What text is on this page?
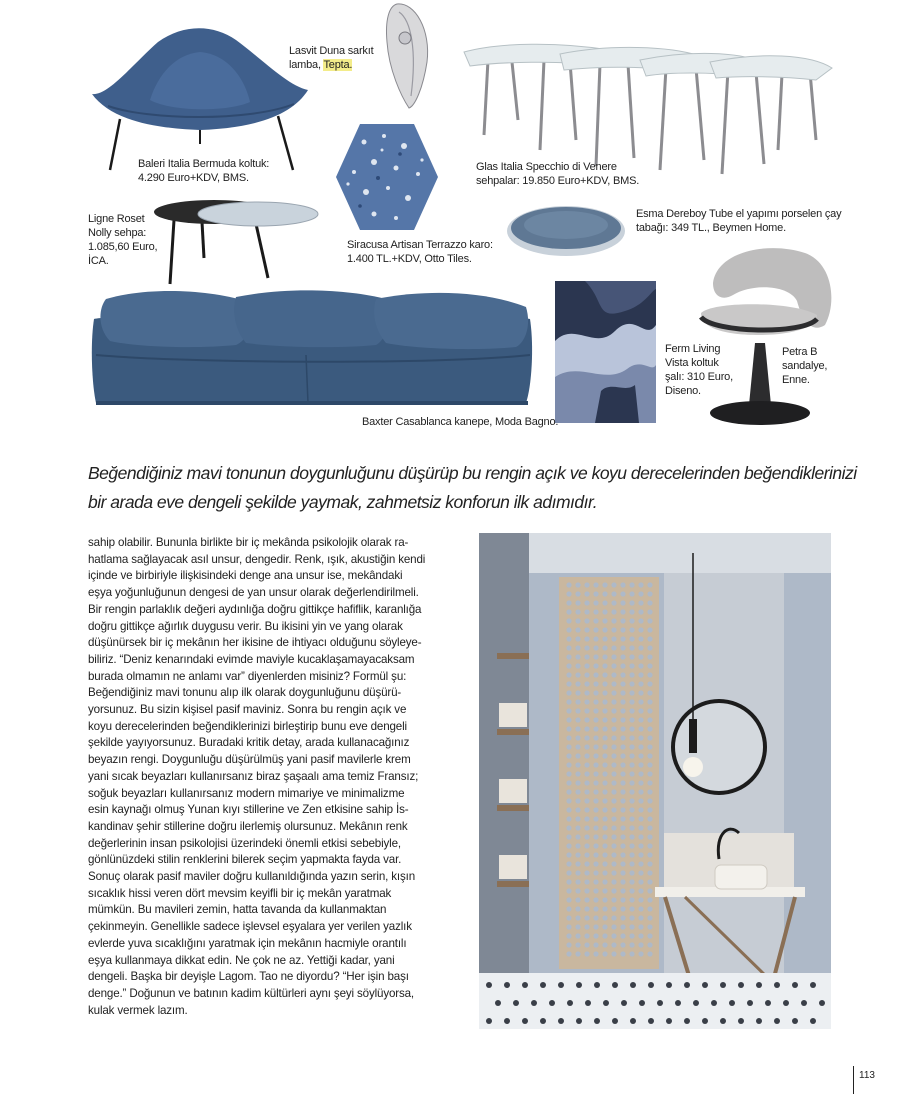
Lasvit Duna sarkıt
lamba, Tepta.
Baleri Italia Bermuda koltuk:
4.290 Euro+KDV, BMS.
Glas Italia Specchio di Venere
sehpalar: 19.850 Euro+KDV, BMS.
Ligne Roset
Nolly sehpa:
1.085,60 Euro,
İCA.
Siracusa Artisan Terrazzo karo:
1.400 TL.+KDV, Otto Tiles.
Esma Dereboy Tube el yapımı porselen çay
tabağı: 349 TL., Beymen Home.
Ferm Living
Vista koltuk
şalı: 310 Euro,
Diseno.
Petra B
sandalye,
Enne.
Baxter Casablanca kanepe, Moda Bagno.
Beğendiğiniz mavi tonunun doygunluğunu düşürüp bu rengin açık ve koyu derecelerinden beğendiklerinizi
bir arada eve dengeli şekilde yaymak, zahmetsiz konforun ilk adımıdır.
sahip olabilir. Bununla birlikte bir iç mekânda psikolojik olarak ra-
hatlama sağlayacak asıl unsur, dengedir. Renk, ışık, akustiğin kendi
içinde ve birbiriyle ilişkisindeki denge ana unsur ise, mekândaki
eşya yoğunluğunun dengesi de yan unsur olarak değerlendirilmeli.
Bir rengin parlaklık değeri aydınlığa doğru gittikçe hafiflik, karanlığa
doğru gittikçe ağırlık duygusu verir. Bu ikisini yin ve yang olarak
düşünürsek bir iç mekânın her ikisine de ihtiyacı olduğunu söyleye-
biliriz. “Deniz kenarındaki evimde maviyle kucaklaşamayacaksam
burada olmamın ne anlamı var” diyenlerden misiniz? Formül şu:
Beğendiğiniz mavi tonunu alıp ilk olarak doygunluğunu düşürü-
yorsunuz. Bu sizin kişisel pasif maviniz. Sonra bu rengin açık ve
koyu derecelerinden beğendiklerinizi birleştirip bunu eve dengeli
şekilde yayıyorsunuz. Buradaki kritik detay, arada kullanacağınız
beyazın rengi. Doygunluğu düşürülmüş yani pasif mavilerle krem
yani sıcak beyazları kullanırsanız biraz şaşaalı ama temiz Fransız;
soğuk beyazları kullanırsanız modern mimariye ve minimalizme
esin kaynağı olmuş Yunan kıyı stillerine ve Zen etkisine sahip İs-
kandinav şehir stillerine doğru ilerlemiş olursunuz. Mekânın renk
değerlerinin insan psikolojisi üzerindeki önemli etkisi sebebiyle,
gönlünüzdeki stilin renklerini bilerek seçim yapmakta fayda var.
Sonuç olarak pasif maviler doğru kullanıldığında yazın serin, kışın
sıcaklık hissi veren dört mevsim keyifli bir iç mekân yaratmak
mümkün. Bu mavileri zemin, hatta tavanda da kullanmaktan
çekinmeyin. Genellikle sadece işlevsel eşyalara yer verilen yazlık
evlerde yuva sıcaklığını yaratmak için mekânın hacmiyle orantılı
eşya kullanmaya dikkat edin. Ne çok ne az. Yettiği kadar, yani
dengeli. Başka bir deyişle Lagom. Tao ne diyordu? “Her işin başı
denge.” Doğunun ve batının kadim kültürleri aynı şeyi söylüyorsa,
kulak vermek lazım.
113
